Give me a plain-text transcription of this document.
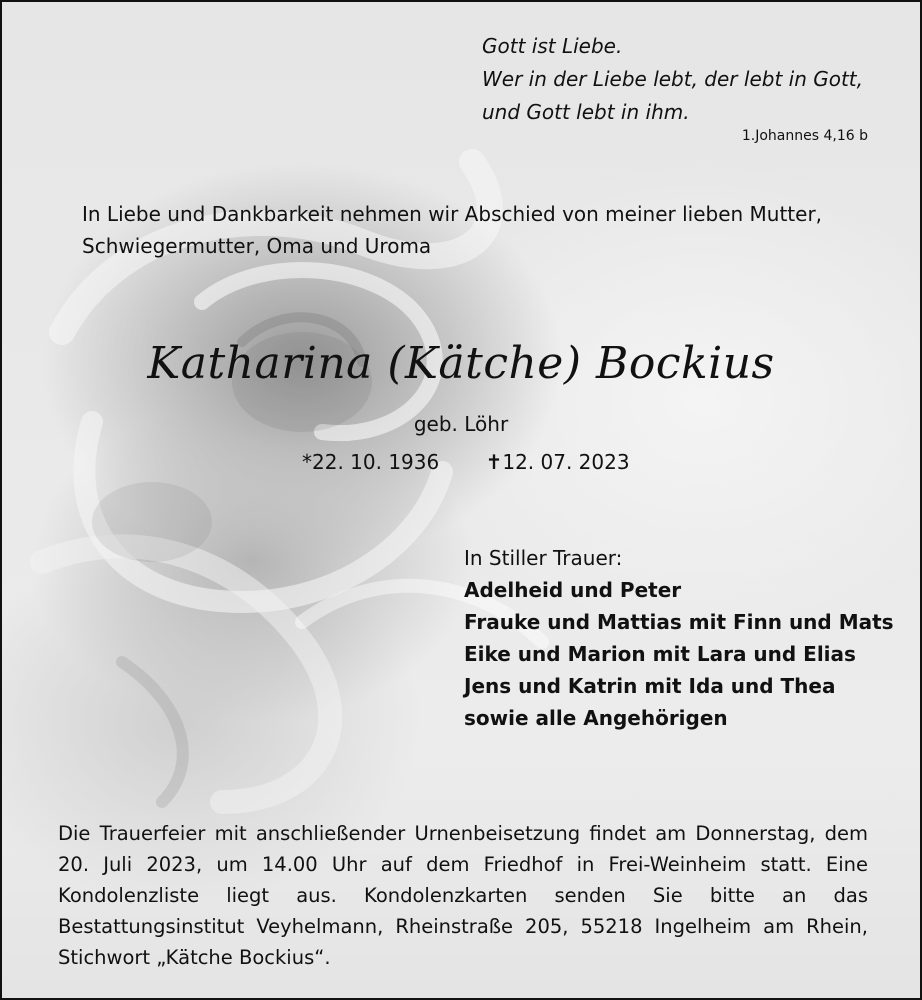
Gott ist Liebe.
Wer in der Liebe lebt, der lebt in Gott,
und Gott lebt in ihm.
1.Johannes 4,16 b
In Liebe und Dankbarkeit nehmen wir Abschied von meiner lieben Mutter, Schwiegermutter, Oma und Uroma
Katharina (Kätche) Bockius
geb. Löhr
*22. 10. 1936 ✝12. 07. 2023
In Stiller Trauer:
Adelheid und Peter
Frauke und Mattias mit Finn und Mats
Eike und Marion mit Lara und Elias
Jens und Katrin mit Ida und Thea
sowie alle Angehörigen
Die Trauerfeier mit anschließender Urnenbeisetzung findet am Donnerstag, dem 20. Juli 2023, um 14.00 Uhr auf dem Friedhof in Frei-Weinheim statt. Eine Kondolenzliste liegt aus. Kondolenzkarten senden Sie bitte an das Bestattungsinstitut Veyhelmann, Rheinstraße 205, 55218 Ingelheim am Rhein, Stichwort „Kätche Bockius“.
